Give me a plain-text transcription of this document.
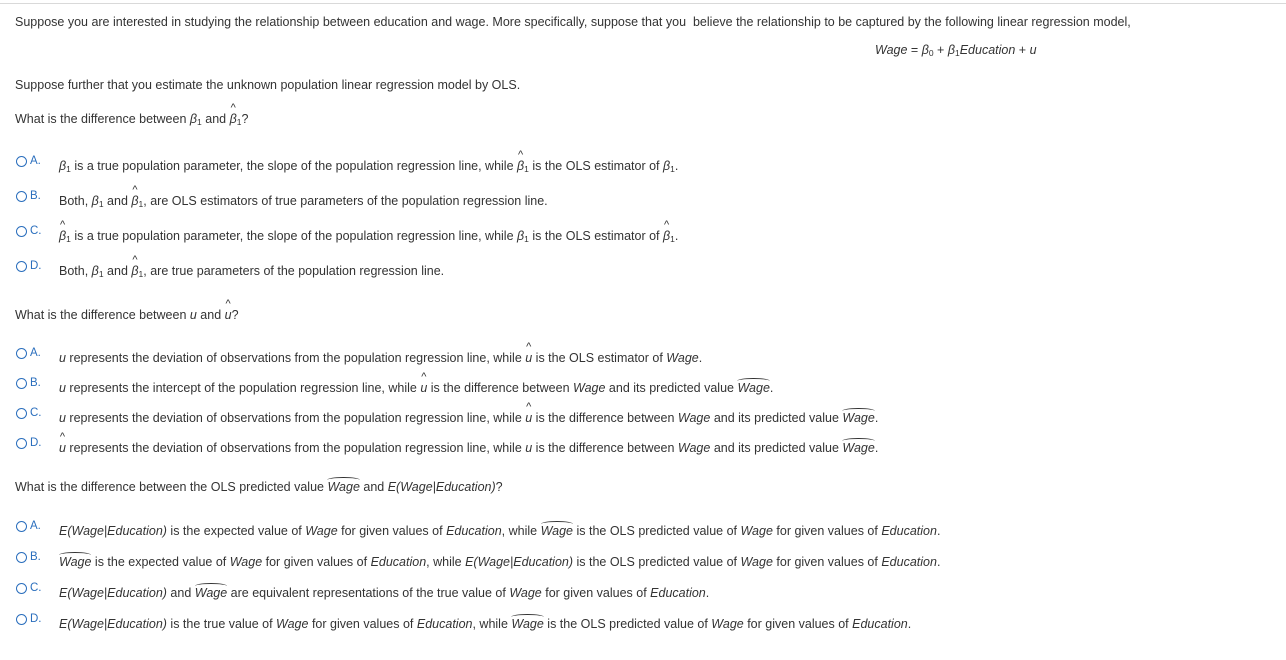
Suppose you are interested in studying the relationship between education and wage. More specifically, suppose that you believe the relationship to be captured by the following linear regression model,
Wage = $\beta_0$ + $\beta_1Education + u$
Suppose further that you estimate the unknown population linear regression model by OLS.
What is the difference between $\beta_1$ and ^ $\beta_1$?
A. $\beta_1$ is a true population parameter, the slope of the population regression line, while ^ $\beta_1$ is the OLS estimator of $\beta_1$.
B. Both, $\beta_1$ and ^ $\beta_1$, are OLS estimators of true parameters of the population regression line.
C. ^ $\beta_1$ is a true population parameter, the slope of the population regression line, while $\beta_1$ is the OLS estimator of ^ $\beta_1$.
D. Both, $\beta_1$ and ^ $\beta_1$, are true parameters of the population regression line.
What is the difference between u and ^ u?
A. u represents the deviation of observations from the population regression line, while ^ u is the OLS estimator of Wage.
B. u represents the intercept of the population regression line, while ^ u is the difference between Wage and its predicted value Wage.
C. u represents the deviation of observations from the population regression line, while ^ u is the difference between Wage and its predicted value Wage.
D. ^ u represents the deviation of observations from the population regression line, while u is the difference between Wage and its predicted value Wage.
What is the difference between the OLS predicted value Wage and E(Wage|Education)?
A. E(Wage|Education) is the expected value of Wage for given values of Education, while Wage is the OLS predicted value of Wage for given values of Education.
B. Wage is the expected value of Wage for given values of Education, while E(Wage|Education) is the OLS predicted value of Wage for given values of Education.
C. E(Wage|Education) and Wage are equivalent representations of the true value of Wage for given values of Education.
D. E(Wage|Education) is the true value of Wage for given values of Education, while Wage is the OLS predicted value of Wage for given values of Education.
